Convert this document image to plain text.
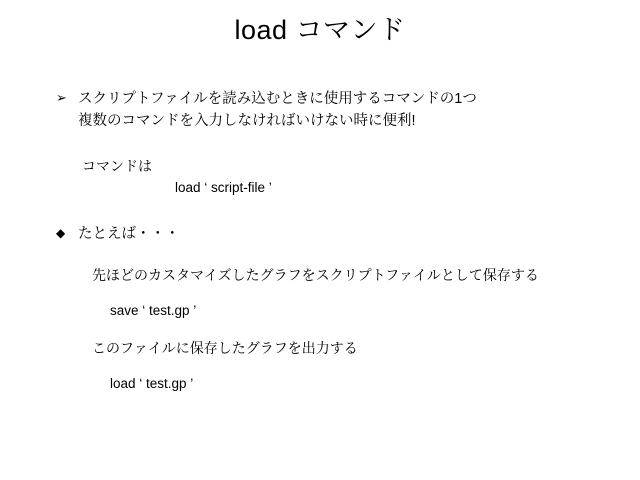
load コマンド
➢ スクリプトファイルを読み込むときに使用するコマンドの1つ
複数のコマンドを入力しなければいけない時に便利!
コマンドは
load ‘ script-file ’
◆ たとえば・・・
先ほどのカスタマイズしたグラフをスクリプトファイルとして保存する
save ‘ test.gp ’
このファイルに保存したグラフを出力する
load ‘ test.gp ’
